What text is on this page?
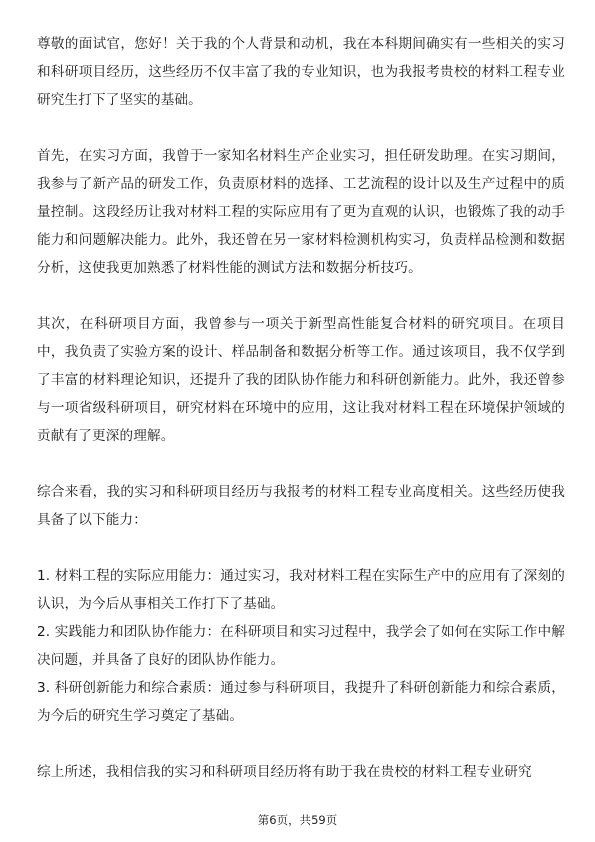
尊敬的面试官，您好！关于我的个人背景和动机，我在本科期间确实有一些相关的实习和科研项目经历，这些经历不仅丰富了我的专业知识，也为我报考贵校的材料工程专业研究生打下了坚实的基础。

首先，在实习方面，我曾于一家知名材料生产企业实习，担任研发助理。在实习期间，我参与了新产品的研发工作，负责原材料的选择、工艺流程的设计以及生产过程中的质量控制。这段经历让我对材料工程的实际应用有了更为直观的认识，也锻炼了我的动手能力和问题解决能力。此外，我还曾在另一家材料检测机构实习，负责样品检测和数据分析，这使我更加熟悉了材料性能的测试方法和数据分析技巧。

其次，在科研项目方面，我曾参与一项关于新型高性能复合材料的研究项目。在项目中，我负责了实验方案的设计、样品制备和数据分析等工作。通过该项目，我不仅学到了丰富的材料理论知识，还提升了我的团队协作能力和科研创新能力。此外，我还曾参与一项省级科研项目，研究材料在环境中的应用，这让我对材料工程在环境保护领域的贡献有了更深的理解。

综合来看，我的实习和科研项目经历与我报考的材料工程专业高度相关。这些经历使我具备了以下能力：

1. 材料工程的实际应用能力：通过实习，我对材料工程在实际生产中的应用有了深刻的认识，为今后从事相关工作打下了基础。

2. 实践能力和团队协作能力：在科研项目和实习过程中，我学会了如何在实际工作中解决问题，并具备了良好的团队协作能力。

3. 科研创新能力和综合素质：通过参与科研项目，我提升了科研创新能力和综合素质，为今后的研究生学习奠定了基础。

综上所述，我相信我的实习和科研项目经历将有助于我在贵校的材料工程专业研究

第6页，共59页
